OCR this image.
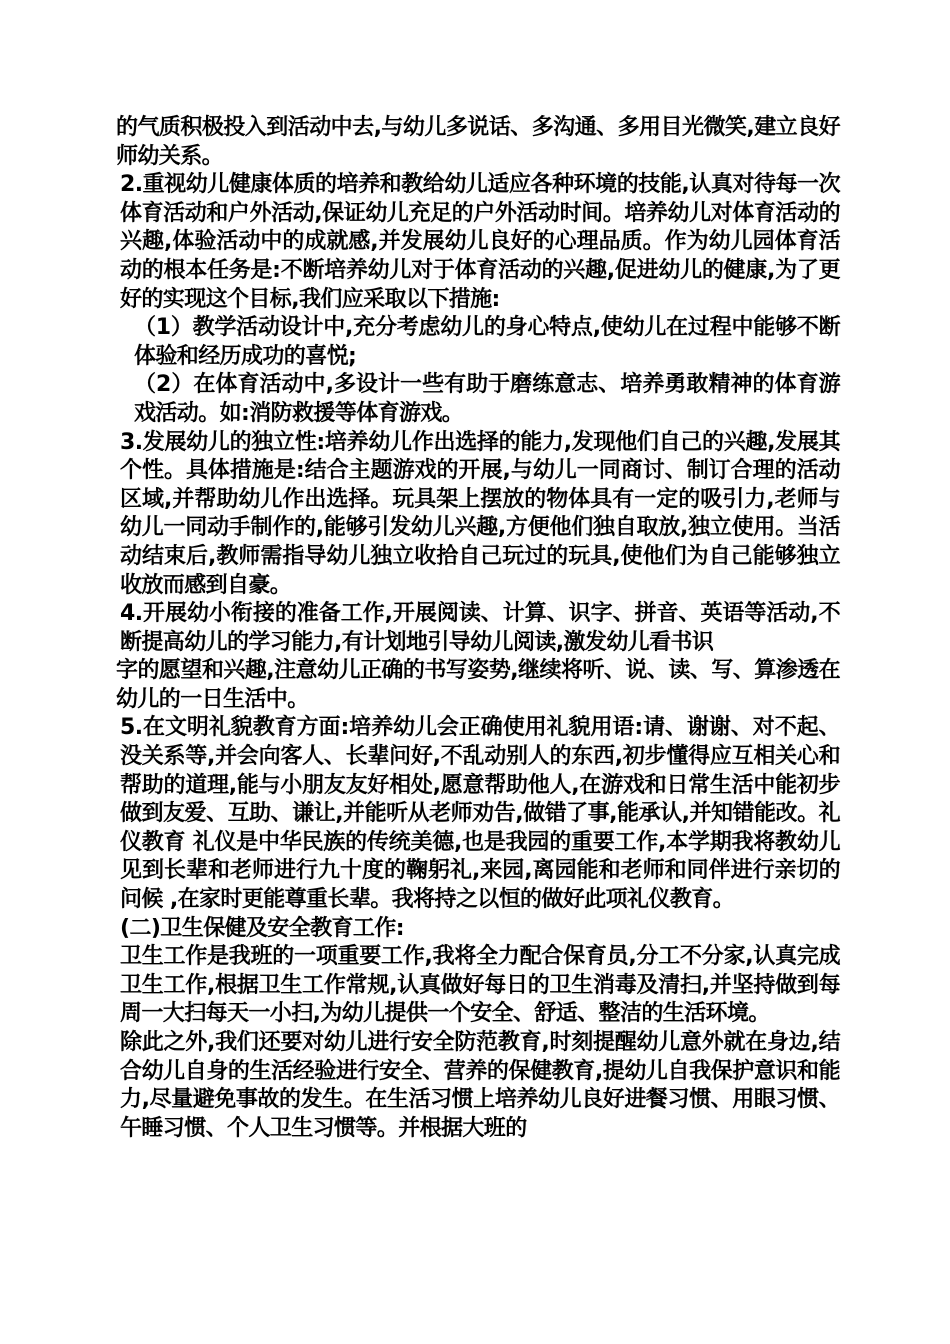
的气质积极投入到活动中去,与幼儿多说话、多沟通、多用目光微笑,建立良好师幼关系。

2.重视幼儿健康体质的培养和教给幼儿适应各种环境的技能,认真对待每一次体育活动和户外活动,保证幼儿充足的户外活动时间。培养幼儿对体育活动的兴趣,体验活动中的成就感,并发展幼儿良好的心理品质。作为幼儿园体育活动的根本任务是:不断培养幼儿对于体育活动的兴趣,促进幼儿的健康,为了更好的实现这个目标,我们应采取以下措施:

（1）教学活动设计中,充分考虑幼儿的身心特点,使幼儿在过程中能够不断体验和经历成功的喜悦;

（2）在体育活动中,多设计一些有助于磨练意志、培养勇敢精神的体育游戏活动。如:消防救援等体育游戏。

3.发展幼儿的独立性:培养幼儿作出选择的能力,发现他们自己的兴趣,发展其个性。具体措施是:结合主题游戏的开展,与幼儿一同商讨、制订合理的活动区域,并帮助幼儿作出选择。玩具架上摆放的物体具有一定的吸引力,老师与幼儿一同动手制作的,能够引发幼儿兴趣,方便他们独自取放,独立使用。当活动结束后,教师需指导幼儿独立收拾自己玩过的玩具,使他们为自己能够独立收放而感到自豪。

4.开展幼小衔接的准备工作,开展阅读、计算、识字、拼音、英语等活动,不断提高幼儿的学习能力,有计划地引导幼儿阅读,激发幼儿看书识

字的愿望和兴趣,注意幼儿正确的书写姿势,继续将听、说、读、写、算渗透在幼儿的一日生活中。

5.在文明礼貌教育方面:培养幼儿会正确使用礼貌用语:请、谢谢、对不起、没关系等,并会向客人、长辈问好,不乱动别人的东西,初步懂得应互相关心和帮助的道理,能与小朋友友好相处,愿意帮助他人,在游戏和日常生活中能初步做到友爱、互助、谦让,并能听从老师劝告,做错了事,能承认,并知错能改。礼仪教育 礼仪是中华民族的传统美德,也是我园的重要工作,本学期我将教幼儿见到长辈和老师进行九十度的鞠躬礼,来园,离园能和老师和同伴进行亲切的问候 ,在家时更能尊重长辈。我将持之以恒的做好此项礼仪教育。

(二)卫生保健及安全教育工作:

卫生工作是我班的一项重要工作,我将全力配合保育员,分工不分家,认真完成卫生工作,根据卫生工作常规,认真做好每日的卫生消毒及清扫,并坚持做到每周一大扫每天一小扫,为幼儿提供一个安全、舒适、整洁的生活环境。

除此之外,我们还要对幼儿进行安全防范教育,时刻提醒幼儿意外就在身边,结合幼儿自身的生活经验进行安全、营养的保健教育,提幼儿自我保护意识和能力,尽量避免事故的发生。在生活习惯上培养幼儿良好进餐习惯、用眼习惯、午睡习惯、个人卫生习惯等。并根据大班的
